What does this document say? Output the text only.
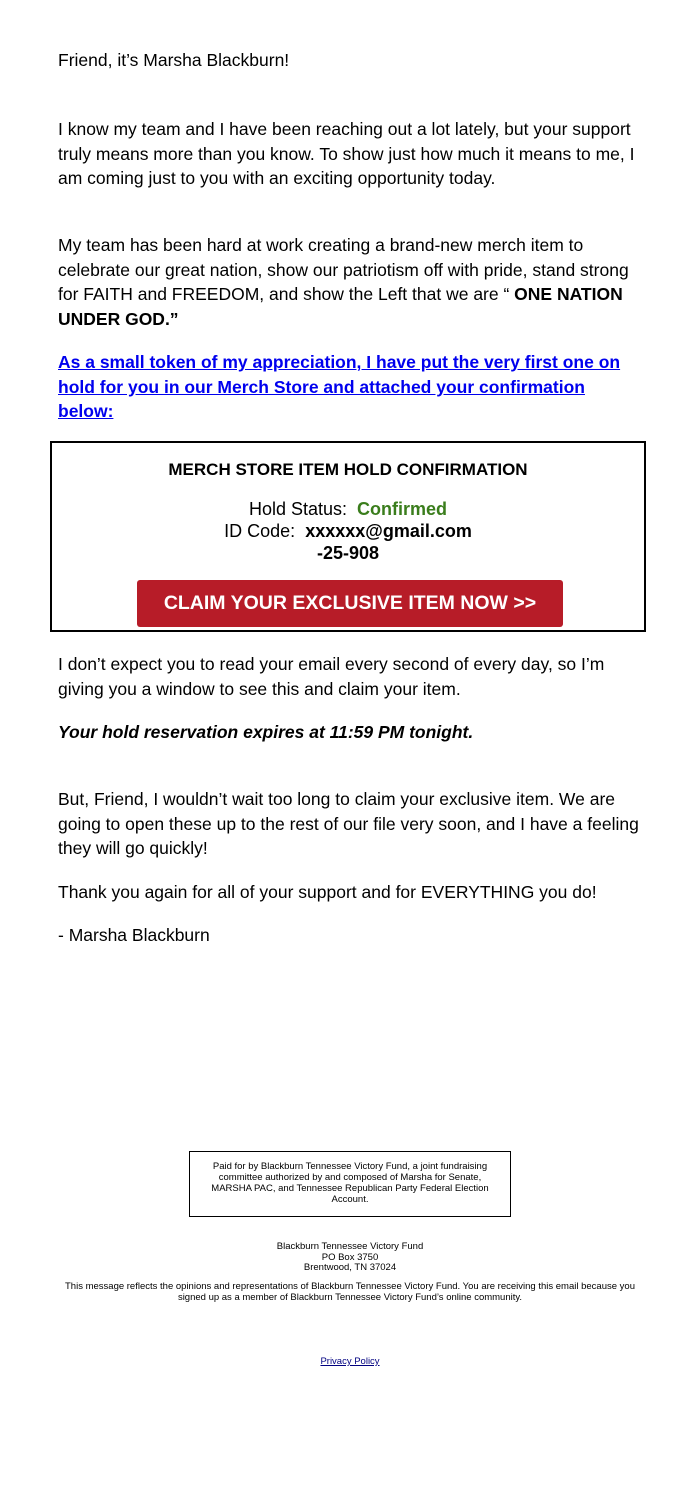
Friend, it’s Marsha Blackburn!

I know my team and I have been reaching out a lot lately, but your support truly means more than you know. To show just how much it means to me, I am coming just to you with an exciting opportunity today.

My team has been hard at work creating a brand-new merch item to celebrate our great nation, show our patriotism off with pride, stand strong for FAITH and FREEDOM, and show the Left that we are “ ONE NATION UNDER GOD.”

As a small token of my appreciation, I have put the very first one on hold for you in our Merch Store and attached your confirmation below:

I don’t expect you to read your email every second of every day, so I’m giving you a window to see this and claim your item.

Your hold reservation expires at 11:59 PM tonight.

But, Friend, I wouldn’t wait too long to claim your exclusive item. We are going to open these up to the rest of our file very soon, and I have a feeling they will go quickly!

Thank you again for all of your support and for EVERYTHING you do!

- Marsha Blackburn

MERCH STORE ITEM HOLD CONFIRMATION
Hold Status:  Confirmed
ID Code:  xxxxxx@gmail.com
-25-908
CLAIM YOUR EXCLUSIVE ITEM NOW >>
Paid for by Blackburn Tennessee Victory Fund, a joint fundraising committee authorized by and composed of Marsha for Senate, MARSHA PAC, and Tennessee Republican Party Federal Election Account.
Blackburn Tennessee Victory Fund
PO Box 3750
Brentwood, TN 37024
This message reflects the opinions and representations of Blackburn Tennessee Victory Fund. You are receiving this email because you signed up as a member of Blackburn Tennessee Victory Fund’s online community.
Privacy Policy
